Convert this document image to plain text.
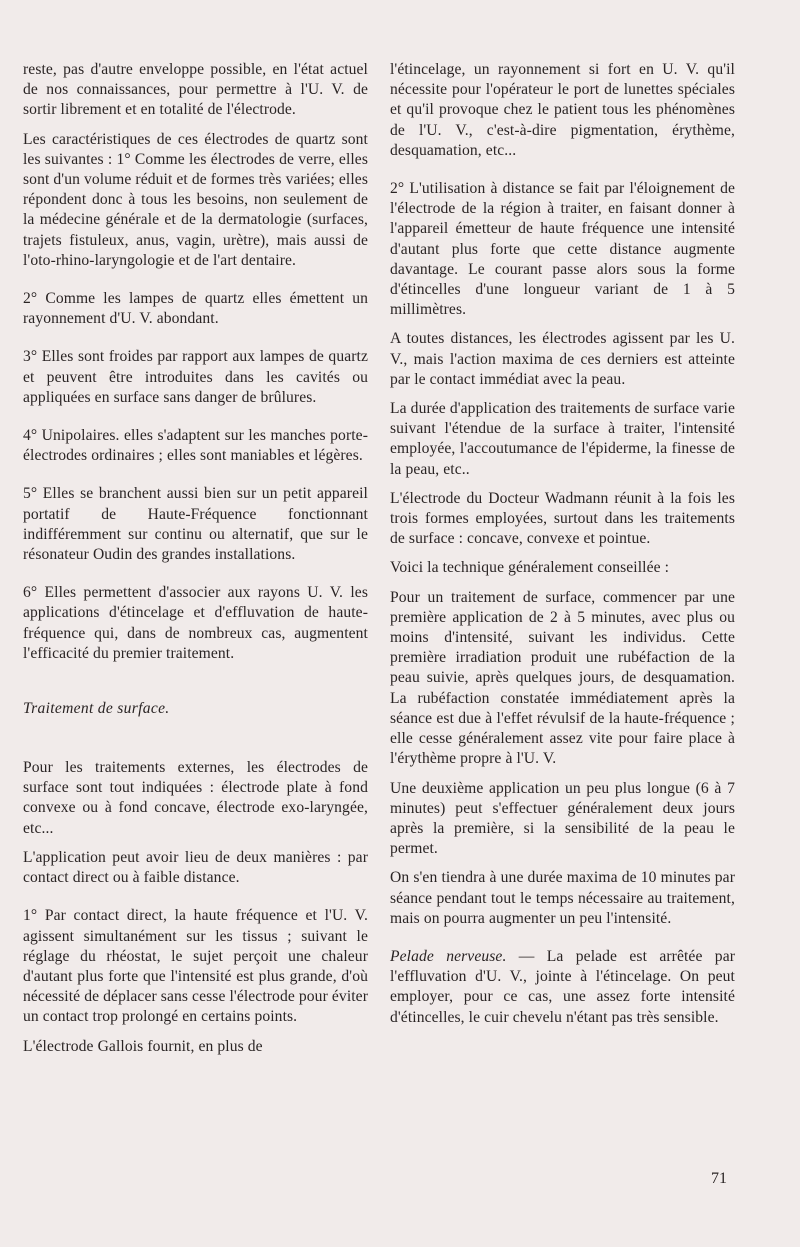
reste, pas d'autre enveloppe possible, en l'état actuel de nos connaissances, pour permettre à l'U. V. de sortir librement et en totalité de l'électrode.

Les caractéristiques de ces électrodes de quartz sont les suivantes : 1° Comme les électrodes de verre, elles sont d'un volume réduit et de formes très variées; elles répondent donc à tous les besoins, non seulement de la médecine générale et de la dermatologie (surfaces, trajets fistuleux, anus, vagin, urètre), mais aussi de l'oto-rhino-laryngologie et de l'art dentaire.

2° Comme les lampes de quartz elles émettent un rayonnement d'U. V. abondant.

3° Elles sont froides par rapport aux lampes de quartz et peuvent être introduites dans les cavités ou appliquées en surface sans danger de brûlures.

4° Unipolaires. elles s'adaptent sur les manches porte-électrodes ordinaires ; elles sont maniables et légères.

5° Elles se branchent aussi bien sur un petit appareil portatif de Haute-Fréquence fonctionnant indifféremment sur continu ou alternatif, que sur le résonateur Oudin des grandes installations.

6° Elles permettent d'associer aux rayons U. V. les applications d'étincelage et d'effluvation de haute-fréquence qui, dans de nombreux cas, augmentent l'efficacité du premier traitement.

Traitement de surface.

Pour les traitements externes, les électrodes de surface sont tout indiquées : électrode plate à fond convexe ou à fond concave, électrode exo-laryngée, etc...

L'application peut avoir lieu de deux manières : par contact direct ou à faible distance.

1° Par contact direct, la haute fréquence et l'U. V. agissent simultanément sur les tissus ; suivant le réglage du rhéostat, le sujet perçoit une chaleur d'autant plus forte que l'intensité est plus grande, d'où nécessité de déplacer sans cesse l'électrode pour éviter un contact trop prolongé en certains points.

L'électrode Gallois fournit, en plus de

l'étincelage, un rayonnement si fort en U. V. qu'il nécessite pour l'opérateur le port de lunettes spéciales et qu'il provoque chez le patient tous les phénomènes de l'U. V., c'est-à-dire pigmentation, érythème, desquamation, etc...

2° L'utilisation à distance se fait par l'éloignement de l'électrode de la région à traiter, en faisant donner à l'appareil émetteur de haute fréquence une intensité d'autant plus forte que cette distance augmente davantage. Le courant passe alors sous la forme d'étincelles d'une longueur variant de 1 à 5 millimètres.

A toutes distances, les électrodes agissent par les U. V., mais l'action maxima de ces derniers est atteinte par le contact immédiat avec la peau.

La durée d'application des traitements de surface varie suivant l'étendue de la surface à traiter, l'intensité employée, l'accoutumance de l'épiderme, la finesse de la peau, etc..

L'électrode du Docteur Wadmann réunit à la fois les trois formes employées, surtout dans les traitements de surface : concave, convexe et pointue.

Voici la technique généralement conseillée :

Pour un traitement de surface, commencer par une première application de 2 à 5 minutes, avec plus ou moins d'intensité, suivant les individus. Cette première irradiation produit une rubéfaction de la peau suivie, après quelques jours, de desquamation. La rubéfaction constatée immédiatement après la séance est due à l'effet révulsif de la haute-fréquence ; elle cesse généralement assez vite pour faire place à l'érythème propre à l'U. V.

Une deuxième application un peu plus longue (6 à 7 minutes) peut s'effectuer généralement deux jours après la première, si la sensibilité de la peau le permet.

On s'en tiendra à une durée maxima de 10 minutes par séance pendant tout le temps nécessaire au traitement, mais on pourra augmenter un peu l'intensité.

Pelade nerveuse. — La pelade est arrêtée par l'effluvation d'U. V., jointe à l'étincelage. On peut employer, pour ce cas, une assez forte intensité d'étincelles, le cuir chevelu n'étant pas très sensible.

71
